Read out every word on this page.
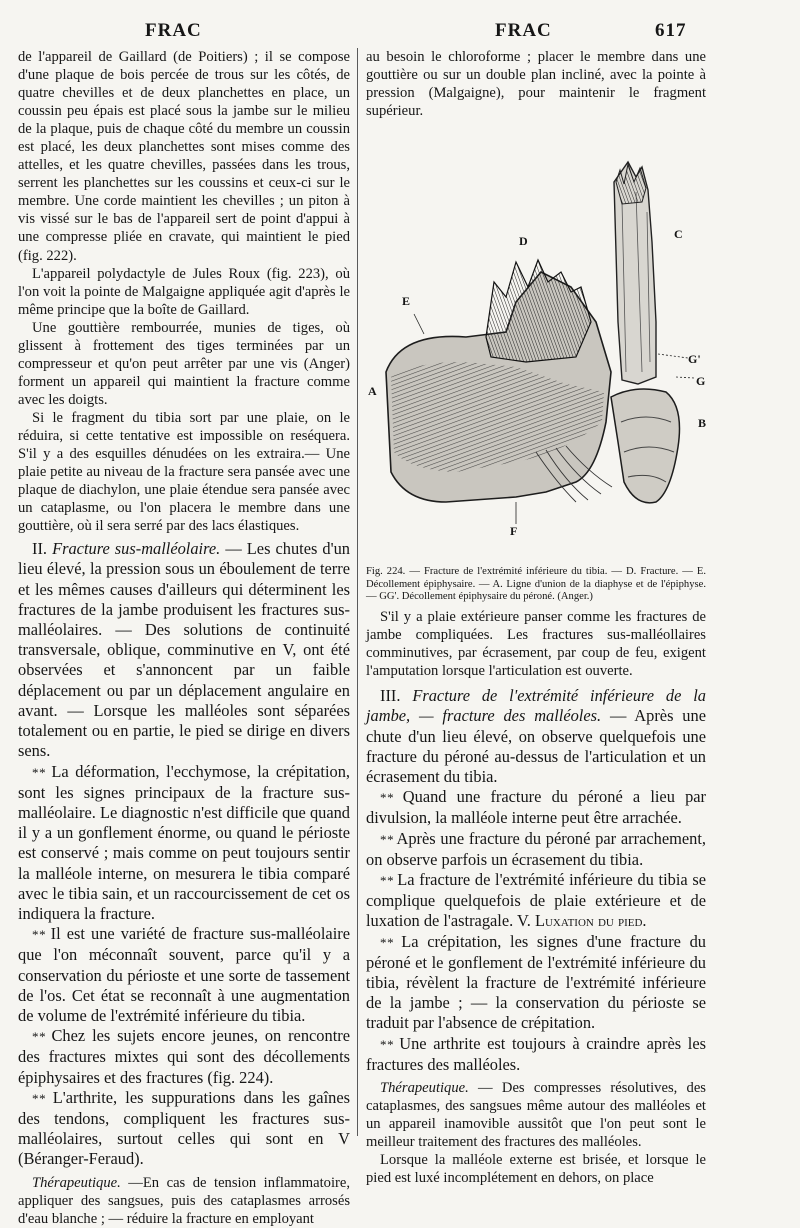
FRAC	FRAC	617

de l'appareil de Gaillard (de Poitiers) ; il se compose d'une plaque de bois percée de trous sur les côtés, de quatre chevilles et de deux planchettes en place, un coussin peu épais est placé sous la jambe sur le milieu de la plaque, puis de chaque côté du membre un coussin est placé, les deux planchettes sont mises comme des attelles, et les quatre chevilles, passées dans les trous, serrent les planchettes sur les coussins et ceux-ci sur le membre. Une corde maintient les chevilles ; un piton à vis vissé sur le bas de l'appareil sert de point d'appui à une compresse pliée en cravate, qui maintient le pied (fig. 222).

L'appareil polydactyle de Jules Roux (fig. 223), où l'on voit la pointe de Malgaigne appliquée agit d'après le même principe que la boîte de Gaillard.

Une gouttière rembourrée, munies de tiges, où glissent à frottement des tiges terminées par un compresseur et qu'on peut arrêter par une vis (Anger) forment un appareil qui maintient la fracture comme avec les doigts.

Si le fragment du tibia sort par une plaie, on le réduira, si cette tentative est impossible on reséquera. S'il y a des esquilles dénudées on les extraira.— Une plaie petite au niveau de la fracture sera pansée avec une plaque de diachylon, une plaie étendue sera pansée avec un cataplasme, ou l'on placera le membre dans une gouttière, où il sera serré par des lacs élastiques.

II. Fracture sus-malléolaire. — Les chutes d'un lieu élevé, la pression sous un éboulement de terre et les mêmes causes d'ailleurs qui déterminent les fractures de la jambe produisent les fractures sus-malléolaires. — Des solutions de continuité transversale, oblique, comminutive en V, ont été observées et s'annoncent par un faible déplacement ou par un déplacement angulaire en avant. — Lorsque les malléoles sont séparées totalement ou en partie, le pied se dirige en divers sens.

* * La déformation, l'ecchymose, la crépitation, sont les signes principaux de la fracture sus-malléolaire. Le diagnostic n'est difficile que quand il y a un gonflement énorme, ou quand le périoste est conservé ; mais comme on peut toujours sentir la malléole interne, on mesurera le tibia comparé avec le tibia sain, et un raccourcissement de cet os indiquera la fracture.

* * Il est une variété de fracture sus-malléolaire que l'on méconnaît souvent, parce qu'il y a conservation du périoste et une sorte de tassement de l'os. Cet état se reconnaît à une augmentation de volume de l'extrémité inférieure du tibia.

* * Chez les sujets encore jeunes, on rencontre des fractures mixtes qui sont des décollements épiphysaires et des fractures (fig. 224).

* * L'arthrite, les suppurations dans les gaînes des tendons, compliquent les fractures sus-malléolaires, surtout celles qui sont en V (Béranger-Feraud).

Thérapeutique. —En cas de tension inflammatoire, appliquer des sangsues, puis des cataplasmes arrosés d'eau blanche ; — réduire la fracture en employant

au besoin le chloroforme ; placer le membre dans une gouttière ou sur un double plan incliné, avec la pointe à pression (Malgaigne), pour maintenir le fragment supérieur.

D	C
E
A
G'
G
B
F

Fig. 224. — Fracture de l'extrémité inférieure du tibia. — D. Fracture. — E. Décollement épiphysaire. — A. Ligne d'union de la diaphyse et de l'épiphyse. — GG'. Décollement épiphysaire du péroné. (Anger.)

S'il y a plaie extérieure panser comme les fractures de jambe compliquées. Les fractures sus-malléollaires comminutives, par écrasement, par coup de feu, exigent l'amputation lorsque l'articulation est ouverte.

III. Fracture de l'extrémité inférieure de la jambe, — fracture des malléoles. — Après une chute d'un lieu élevé, on observe quelquefois une fracture du péroné au-dessus de l'articulation et un écrasement du tibia.

* * Quand une fracture du péroné a lieu par divulsion, la malléole interne peut être arrachée.

* * Après une fracture du péroné par arrachement, on observe parfois un écrasement du tibia.

* * La fracture de l'extrémité inférieure du tibia se complique quelquefois de plaie extérieure et de luxation de l'astragale. V. Luxation du pied.

* * La crépitation, les signes d'une fracture du péroné et le gonflement de l'extrémité inférieure du tibia, révèlent la fracture de l'extrémité inférieure de la jambe ; — la conservation du périoste se traduit par l'absence de crépitation.

* * Une arthrite est toujours à craindre après les fractures des malléoles.

Thérapeutique. — Des compresses résolutives, des cataplasmes, des sangsues même autour des malléoles et un appareil inamovible aussitôt que l'on peut sont le meilleur traitement des fractures des malléoles.

Lorsque la malléole externe est brisée, et lorsque le pied est luxé incomplétement en dehors, on place
